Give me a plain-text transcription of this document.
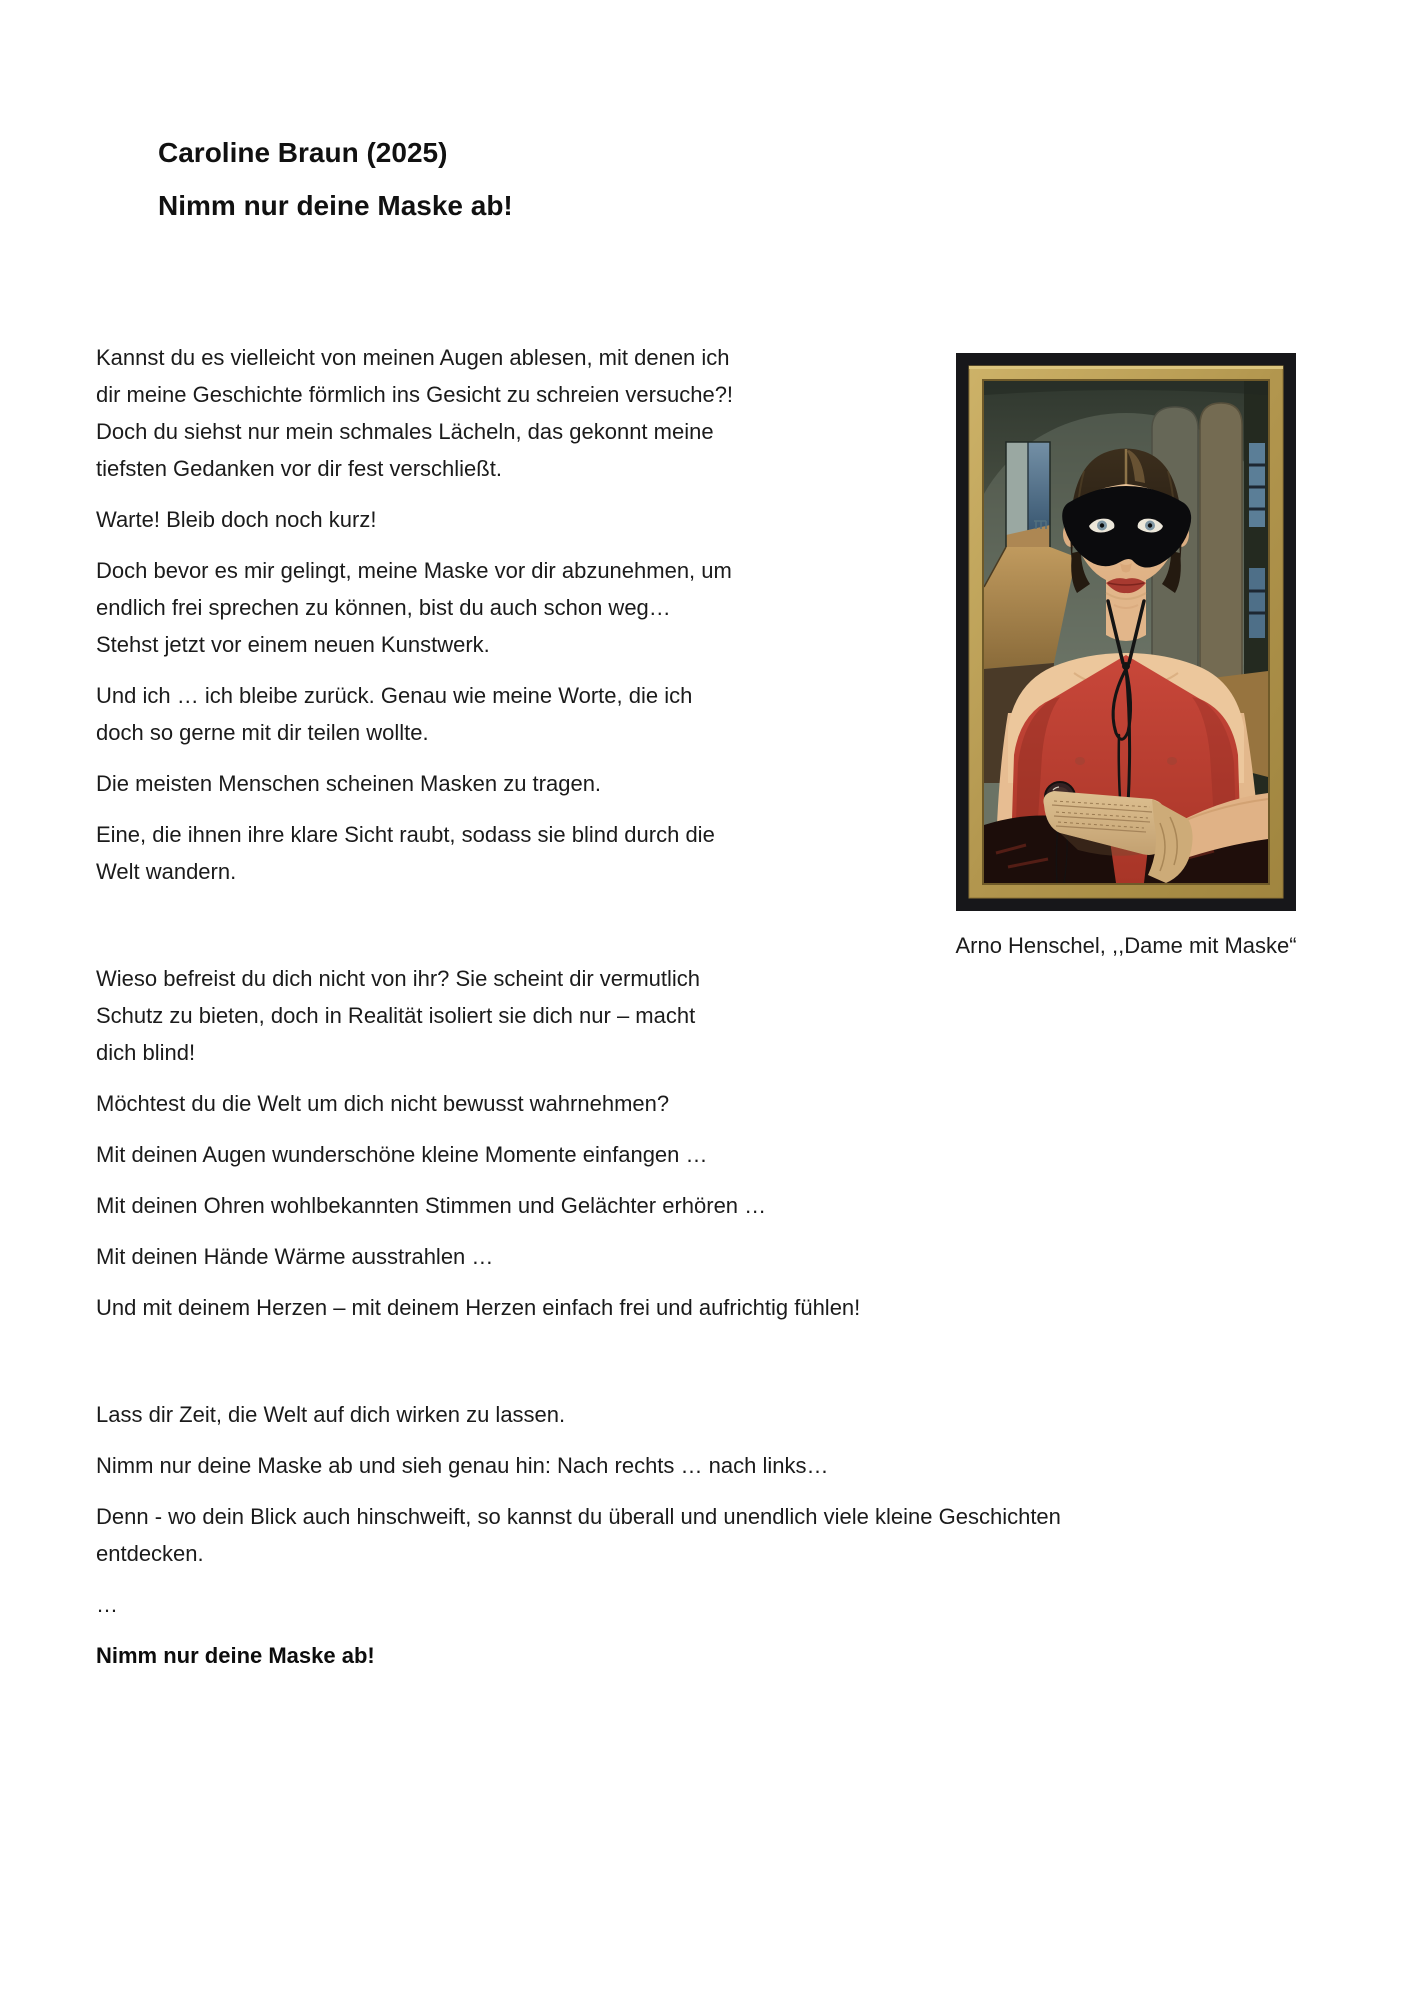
Caroline Braun (2025)
Nimm nur deine Maske ab!

Kannst du es vielleicht von meinen Augen ablesen, mit denen ich dir meine Geschichte förmlich ins Gesicht zu schreien versuche?! Doch du siehst nur mein schmales Lächeln, das gekonnt meine tiefsten Gedanken vor dir fest verschließt.

Warte! Bleib doch noch kurz!

Doch bevor es mir gelingt, meine Maske vor dir abzunehmen, um endlich frei sprechen zu können, bist du auch schon weg… Stehst jetzt vor einem neuen Kunstwerk.

Und ich … ich bleibe zurück. Genau wie meine Worte, die ich doch so gerne mit dir teilen wollte.

Die meisten Menschen scheinen Masken zu tragen.

Eine, die ihnen ihre klare Sicht raubt, sodass sie blind durch die Welt wandern.

Wieso befreist du dich nicht von ihr? Sie scheint dir vermutlich Schutz zu bieten, doch in Realität isoliert sie dich nur – macht dich blind!

Möchtest du die Welt um dich nicht bewusst wahrnehmen?

Mit deinen Augen wunderschöne kleine Momente einfangen …

Mit deinen Ohren wohlbekannten Stimmen und Gelächter erhören …

Mit deinen Hände Wärme ausstrahlen …

Und mit deinem Herzen – mit deinem Herzen einfach frei und aufrichtig fühlen!

Lass dir Zeit, die Welt auf dich wirken zu lassen.

Nimm nur deine Maske ab und sieh genau hin: Nach rechts … nach links…

Denn - wo dein Blick auch hinschweift, so kannst du überall und unendlich viele kleine Geschichten entdecken.

…

Nimm nur deine Maske ab!

Arno Henschel, ,,Dame mit Maske“
